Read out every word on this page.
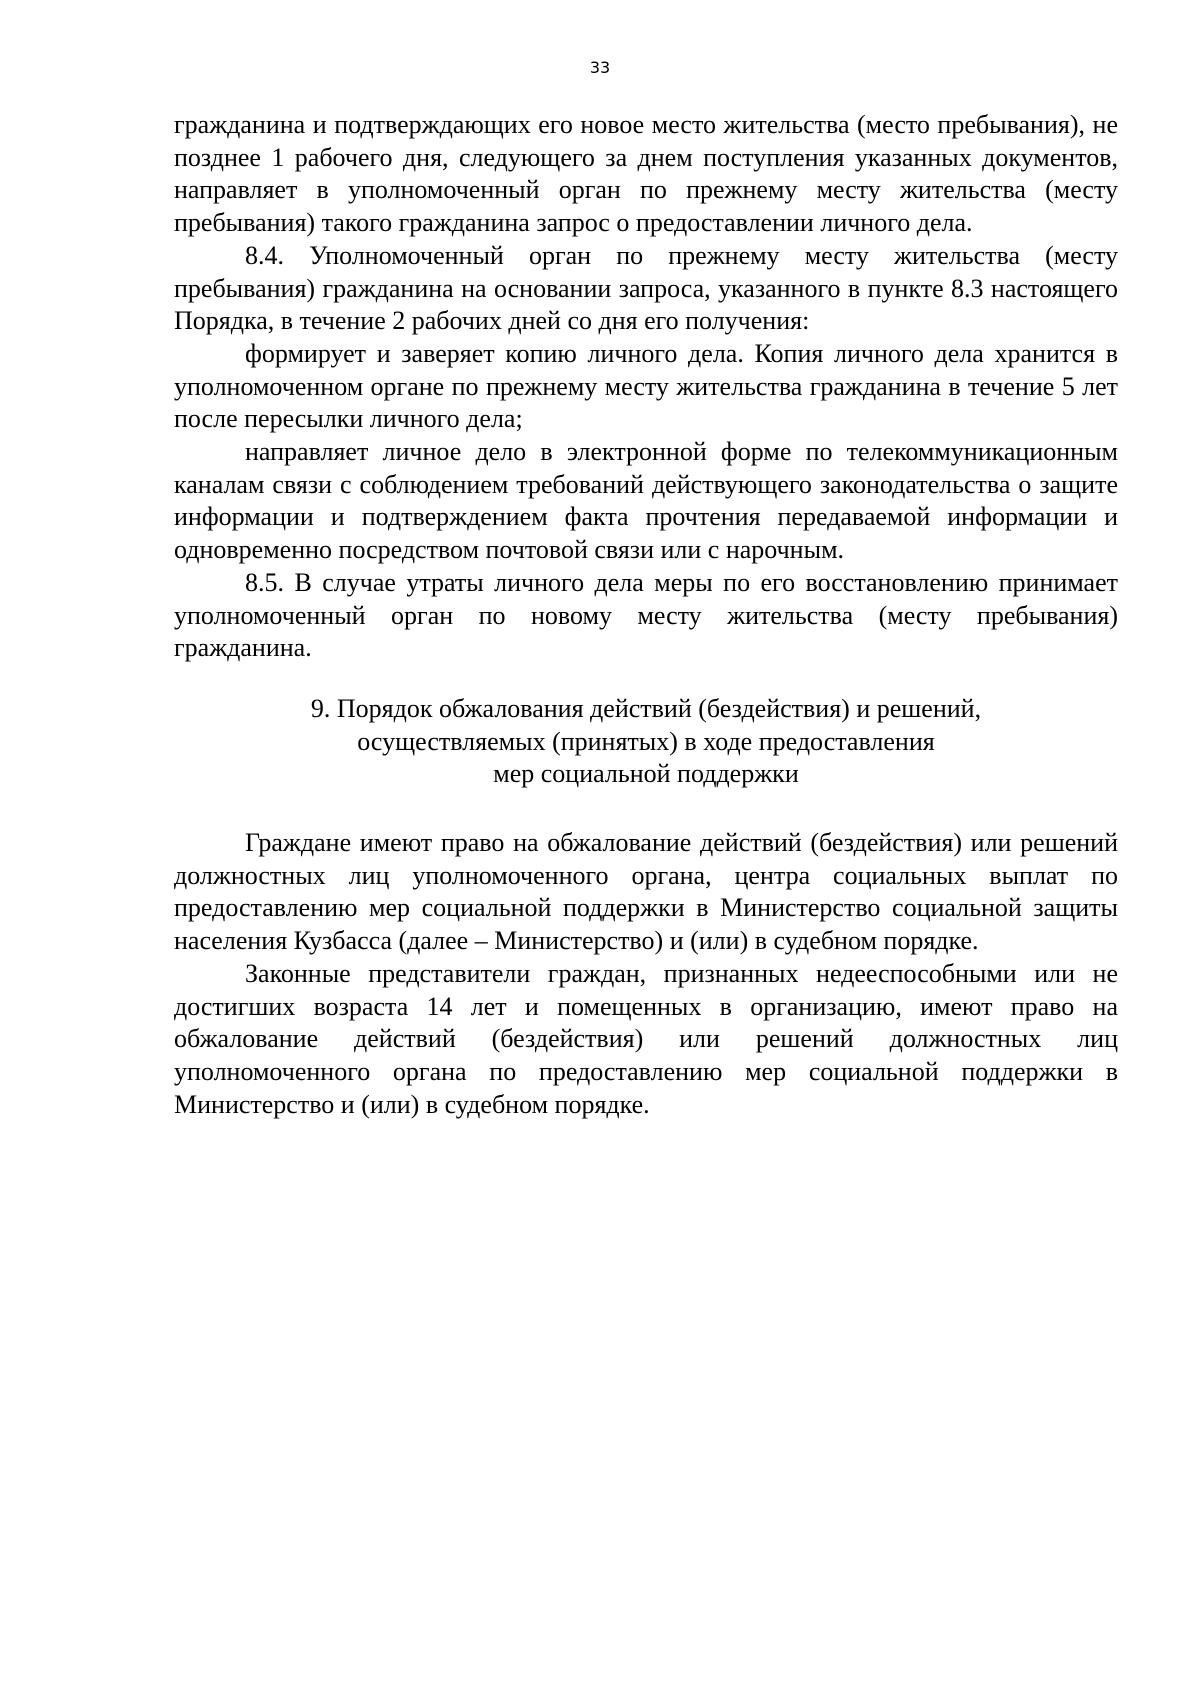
33

гражданина и подтверждающих его новое место жительства (место пребывания), не позднее 1 рабочего дня, следующего за днем поступления указанных документов, направляет в уполномоченный орган по прежнему месту жительства (месту пребывания) такого гражданина запрос о предоставлении личного дела.

8.4. Уполномоченный орган по прежнему месту жительства (месту пребывания) гражданина на основании запроса, указанного в пункте 8.3 настоящего Порядка, в течение 2 рабочих дней со дня его получения:

формирует и заверяет копию личного дела. Копия личного дела хранится в уполномоченном органе по прежнему месту жительства гражданина в течение 5 лет после пересылки личного дела;

направляет личное дело в электронной форме по телекоммуникационным каналам связи с соблюдением требований действующего законодательства о защите информации и подтверждением факта прочтения передаваемой информации и одновременно посредством почтовой связи или с нарочным.

8.5. В случае утраты личного дела меры по его восстановлению принимает уполномоченный орган по новому месту жительства (месту пребывания) гражданина.

9. Порядок обжалования действий (бездействия) и решений,
осуществляемых (принятых) в ходе предоставления
мер социальной поддержки

Граждане имеют право на обжалование действий (бездействия) или решений должностных лиц уполномоченного органа, центра социальных выплат по предоставлению мер социальной поддержки в Министерство социальной защиты населения Кузбасса (далее – Министерство) и (или) в судебном порядке.

Законные представители граждан, признанных недееспособными или не достигших возраста 14 лет и помещенных в организацию, имеют право на обжалование действий (бездействия) или решений должностных лиц уполномоченного органа по предоставлению мер социальной поддержки в Министерство и (или) в судебном порядке.
